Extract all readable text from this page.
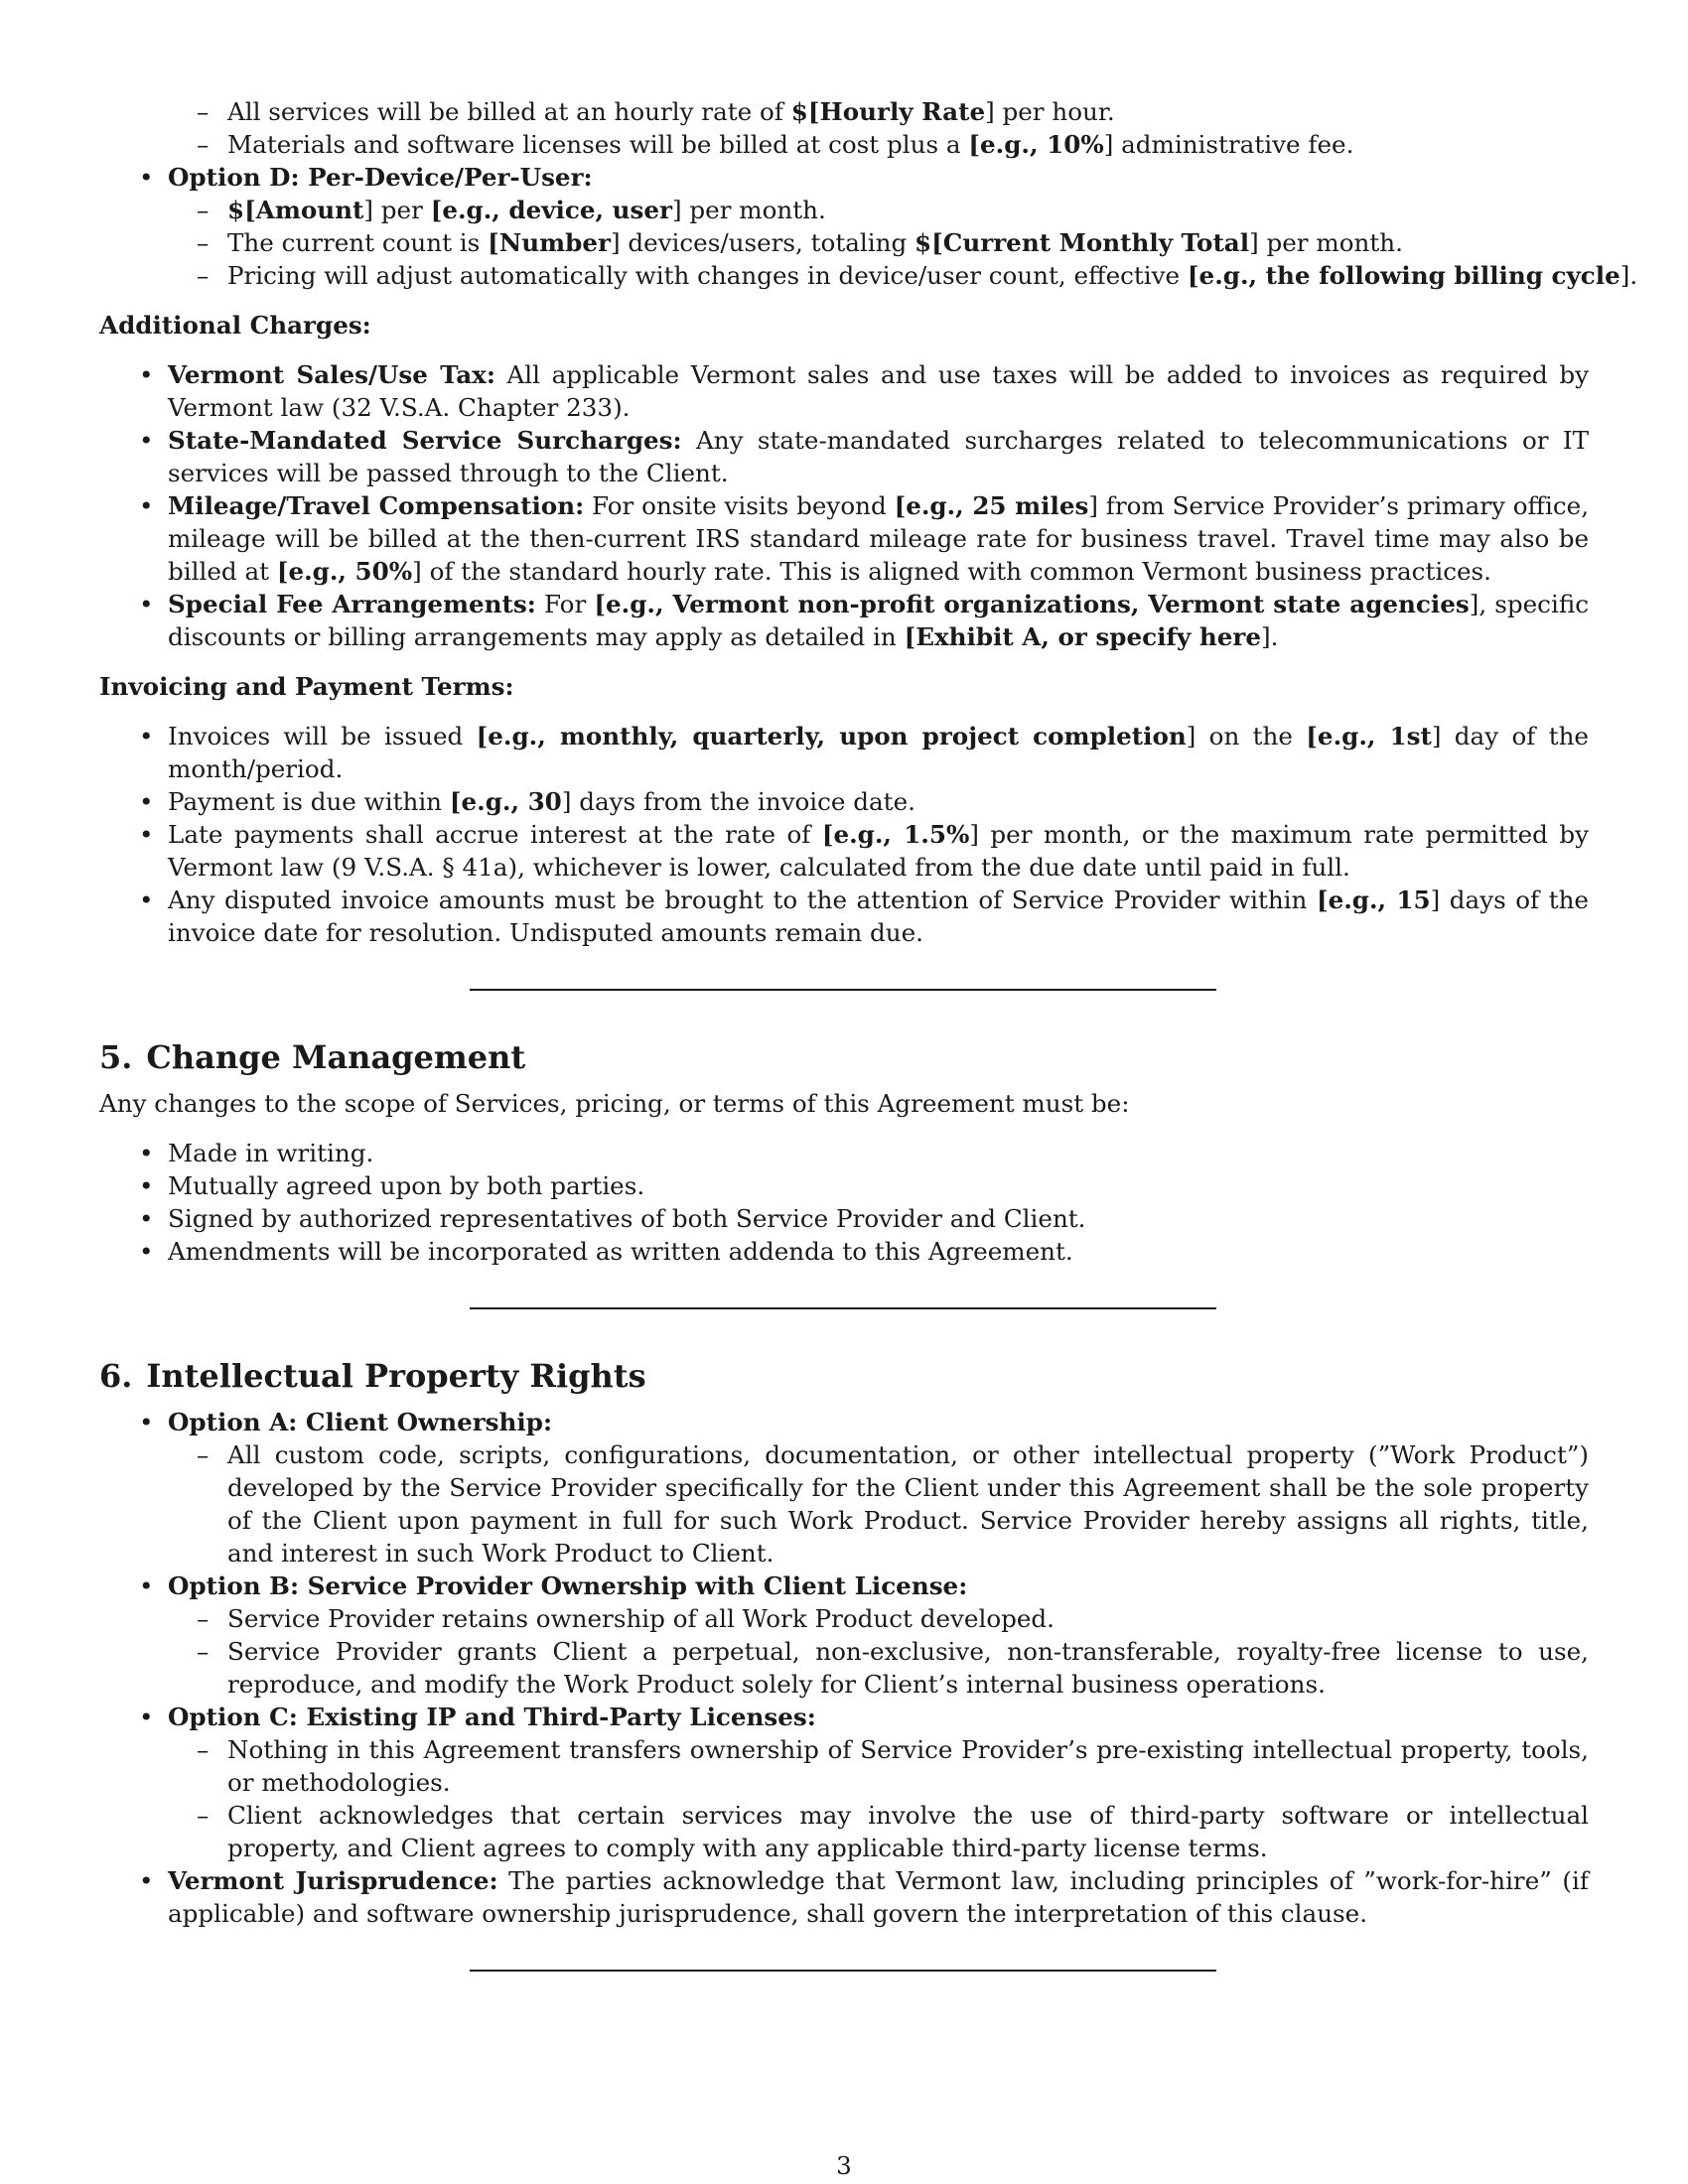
– All services will be billed at an hourly rate of $[Hourly Rate] per hour.
– Materials and software licenses will be billed at cost plus a [e.g., 10%] administrative fee.
• Option D: Per-Device/Per-User:
– $[Amount] per [e.g., device, user] per month.
– The current count is [Number] devices/users, totaling $[Current Monthly Total] per month.
– Pricing will adjust automatically with changes in device/user count, effective [e.g., the following billing cycle].

Additional Charges:

• Vermont Sales/Use Tax: All applicable Vermont sales and use taxes will be added to invoices as required by Vermont law (32 V.S.A. Chapter 233).
• State-Mandated Service Surcharges: Any state-mandated surcharges related to telecommunications or IT services will be passed through to the Client.
• Mileage/Travel Compensation: For onsite visits beyond [e.g., 25 miles] from Service Provider’s primary office, mileage will be billed at the then-current IRS standard mileage rate for business travel. Travel time may also be billed at [e.g., 50%] of the standard hourly rate. This is aligned with common Vermont business practices.
• Special Fee Arrangements: For [e.g., Vermont non-profit organizations, Vermont state agencies], specific discounts or billing arrangements may apply as detailed in [Exhibit A, or specify here].

Invoicing and Payment Terms:

• Invoices will be issued [e.g., monthly, quarterly, upon project completion] on the [e.g., 1st] day of the month/period.
• Payment is due within [e.g., 30] days from the invoice date.
• Late payments shall accrue interest at the rate of [e.g., 1.5%] per month, or the maximum rate permitted by Vermont law (9 V.S.A. § 41a), whichever is lower, calculated from the due date until paid in full.
• Any disputed invoice amounts must be brought to the attention of Service Provider within [e.g., 15] days of the invoice date for resolution. Undisputed amounts remain due.
5. Change Management

Any changes to the scope of Services, pricing, or terms of this Agreement must be:

• Made in writing.
• Mutually agreed upon by both parties.
• Signed by authorized representatives of both Service Provider and Client.
• Amendments will be incorporated as written addenda to this Agreement.
6. Intellectual Property Rights
• Option A: Client Ownership:
– All custom code, scripts, configurations, documentation, or other intellectual property (”Work Product”) developed by the Service Provider specifically for the Client under this Agreement shall be the sole property of the Client upon payment in full for such Work Product. Service Provider hereby assigns all rights, title, and interest in such Work Product to Client.
• Option B: Service Provider Ownership with Client License:
– Service Provider retains ownership of all Work Product developed.
– Service Provider grants Client a perpetual, non-exclusive, non-transferable, royalty-free license to use, reproduce, and modify the Work Product solely for Client’s internal business operations.
• Option C: Existing IP and Third-Party Licenses:
– Nothing in this Agreement transfers ownership of Service Provider’s pre-existing intellectual property, tools, or methodologies.
– Client acknowledges that certain services may involve the use of third-party software or intellectual property, and Client agrees to comply with any applicable third-party license terms.
• Vermont Jurisprudence: The parties acknowledge that Vermont law, including principles of ”work-for-hire” (if applicable) and software ownership jurisprudence, shall govern the interpretation of this clause.
3
